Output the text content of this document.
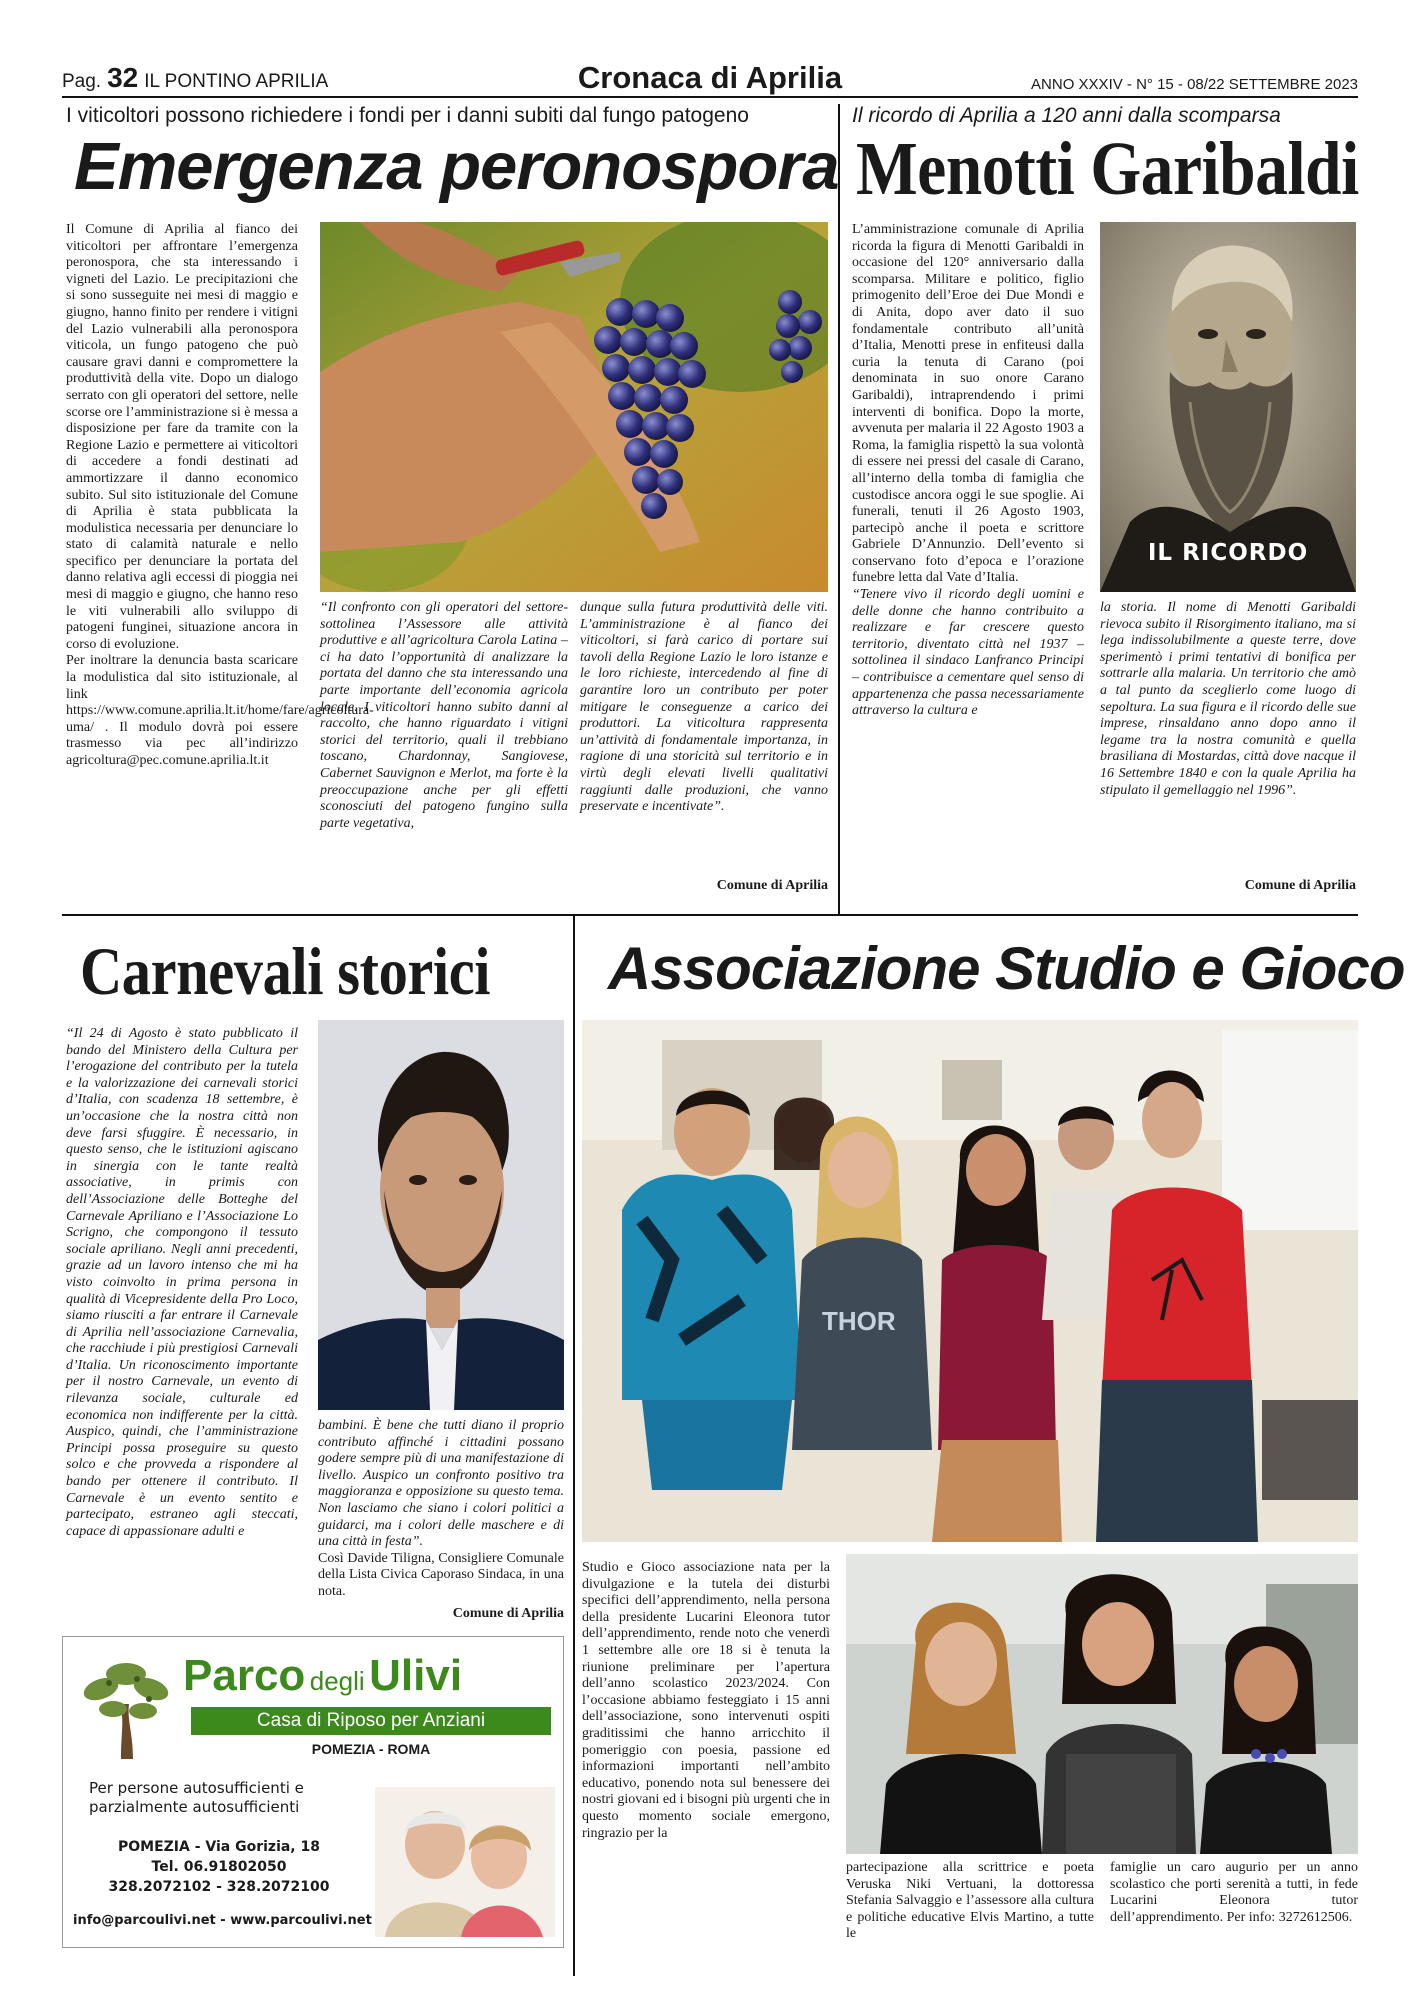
Pag. 32 IL PONTINO APRILIA	Cronaca di Aprilia	ANNO XXXIV - N° 15 - 08/22 SETTEMBRE 2023
I viticoltori possono richiedere i fondi per i danni subiti dal fungo patogeno
Emergenza peronospora

Il Comune di Aprilia al fianco dei viticoltori per affrontare l’emergenza peronospora, che sta interessando i vigneti del Lazio. Le precipitazioni che si sono susseguite nei mesi di maggio e giugno, hanno finito per rendere i vitigni del Lazio vulnerabili alla peronospora viticola, un fungo patogeno che può causare gravi danni e compromettere la produttività della vite. Dopo un dialogo serrato con gli operatori del settore, nelle scorse ore l’amministrazione si è messa a disposizione per fare da tramite con la Regione Lazio e permettere ai viticoltori di accedere a fondi destinati ad ammortizzare il danno economico subito. Sul sito istituzionale del Comune di Aprilia è stata pubblicata la modulistica necessaria per denunciare lo stato di calamità naturale e nello specifico per denunciare la portata del danno relativa agli eccessi di pioggia nei mesi di maggio e giugno, che hanno reso le viti vulnerabili allo sviluppo di patogeni funginei, situazione ancora in corso di evoluzione.

Per inoltrare la denuncia basta scaricare la modulistica dal sito istituzionale, al link https://www.comune.aprilia.lt.it/home/fare/agricoltura-uma/ . Il modulo dovrà poi essere trasmesso via pec all’indirizzo agricoltura@pec.comune.aprilia.lt.it

“Il confronto con gli operatori del settore- sottolinea l’Assessore alle attività produttive e all’agricoltura Carola Latina – ci ha dato l’opportunità di analizzare la portata del danno che sta interessando una parte importante dell’economia agricola locale. I viticoltori hanno subito danni al raccolto, che hanno riguardato i vitigni storici del territorio, quali il trebbiano toscano, Chardonnay, Sangiovese, Cabernet Sauvignon e Merlot, ma forte è la preoccupazione anche per gli effetti sconosciuti del patogeno fungino sulla parte vegetativa,

dunque sulla futura produttività delle viti. L’amministrazione è al fianco dei viticoltori, si farà carico di portare sui tavoli della Regione Lazio le loro istanze e le loro richieste, intercedendo al fine di garantire loro un contributo per poter mitigare le conseguenze a carico dei produttori. La viticoltura rappresenta un’attività di fondamentale importanza, in ragione di una storicità sul territorio e in virtù degli elevati livelli qualitativi raggiunti dalle produzioni, che vanno preservate e incentivate”.

Comune di Aprilia
Il ricordo di Aprilia a 120 anni dalla scomparsa
Menotti Garibaldi

L’amministrazione comunale di Aprilia ricorda la figura di Menotti Garibaldi in occasione del 120° anniversario dalla scomparsa. Militare e politico, figlio primogenito dell’Eroe dei Due Mondi e di Anita, dopo aver dato il suo fondamentale contributo all’unità d’Italia, Menotti prese in enfiteusi dalla curia la tenuta di Carano (poi denominata in suo onore Carano Garibaldi), intraprendendo i primi interventi di bonifica. Dopo la morte, avvenuta per malaria il 22 Agosto 1903 a Roma, la famiglia rispettò la sua volontà di essere nei pressi del casale di Carano, all’interno della tomba di famiglia che custodisce ancora oggi le sue spoglie. Ai funerali, tenuti il 26 Agosto 1903, partecipò anche il poeta e scrittore Gabriele D’Annunzio. Dell’evento si conservano foto d’epoca e l’orazione funebre letta dal Vate d’Italia.

“Tenere vivo il ricordo degli uomini e delle donne che hanno contribuito a realizzare e far crescere questo territorio, diventato città nel 1937 – sottolinea il sindaco Lanfranco Principi – contribuisce a cementare quel senso di appartenenza che passa necessariamente attraverso la cultura e

IL RICORDO

la storia. Il nome di Menotti Garibaldi rievoca subito il Risorgimento italiano, ma si lega indissolubilmente a queste terre, dove sperimentò i primi tentativi di bonifica per sottrarle alla malaria. Un territorio che amò a tal punto da sceglierlo come luogo di sepoltura. La sua figura e il ricordo delle sue imprese, rinsaldano anno dopo anno il legame tra la nostra comunità e quella brasiliana di Mostardas, città dove nacque il 16 Settembre 1840 e con la quale Aprilia ha stipulato il gemellaggio nel 1996”.

Comune di Aprilia
Carnevali storici

“Il 24 di Agosto è stato pubblicato il bando del Ministero della Cultura per l’erogazione del contributo per la tutela e la valorizzazione dei carnevali storici d’Italia, con scadenza 18 settembre, è un’occasione che la nostra città non deve farsi sfuggire. È necessario, in questo senso, che le istituzioni agiscano in sinergia con le tante realtà associative, in primis con dell’Associazione delle Botteghe del Carnevale Apriliano e l’Associazione Lo Scrigno, che compongono il tessuto sociale apriliano. Negli anni precedenti, grazie ad un lavoro intenso che mi ha visto coinvolto in prima persona in qualità di Vicepresidente della Pro Loco, siamo riusciti a far entrare il Carnevale di Aprilia nell’associazione Carnevalia, che racchiude i più prestigiosi Carnevali d’Italia. Un riconoscimento importante per il nostro Carnevale, un evento di rilevanza sociale, culturale ed economica non indifferente per la città. Auspico, quindi, che l’amministrazione Principi possa proseguire su questo solco e che provveda a rispondere al bando per ottenere il contributo. Il Carnevale è un evento sentito e partecipato, estraneo agli steccati, capace di appassionare adulti e

bambini. È bene che tutti diano il proprio contributo affinché i cittadini possano godere sempre più di una manifestazione di livello. Auspico un confronto positivo tra maggioranza e opposizione su questo tema. Non lasciamo che siano i colori politici a guidarci, ma i colori delle maschere e di una città in festa”.

Così Davide Tiligna, Consigliere Comunale della Lista Civica Caporaso Sindaca, in una nota.

Comune di Aprilia
Associazione Studio e Gioco
THOR

Studio e Gioco associazione nata per la divulgazione e la tutela dei disturbi specifici dell’apprendimento, nella persona della presidente Lucarini Eleonora tutor dell’apprendimento, rende noto che venerdì 1 settembre alle ore 18 si è tenuta la riunione preliminare per l’apertura dell’anno scolastico 2023/2024. Con l’occasione abbiamo festeggiato i 15 anni dell’associazione, sono intervenuti ospiti graditissimi che hanno arricchito il pomeriggio con poesia, passione ed informazioni importanti nell’ambito educativo, ponendo nota sul benessere dei nostri giovani ed i bisogni più urgenti che in questo momento sociale emergono, ringrazio per la

partecipazione alla scrittrice e poeta Veruska Niki Vertuani, la dottoressa Stefania Salvaggio e l’assessore alla cultura e politiche educative Elvis Martino, a tutte le

famiglie un caro augurio per un anno scolastico che porti serenità a tutti, in fede Lucarini Eleonora tutor dell’apprendimento. Per info: 3272612506.

Parco degli Ulivi
Casa di Riposo per Anziani
POMEZIA - ROMA
Per persone autosufficienti e parzialmente autosufficienti
POMEZIA - Via Gorizia, 18
Tel. 06.91802050
328.2072102 - 328.2072100
info@parcoulivi.net - www.parcoulivi.net
